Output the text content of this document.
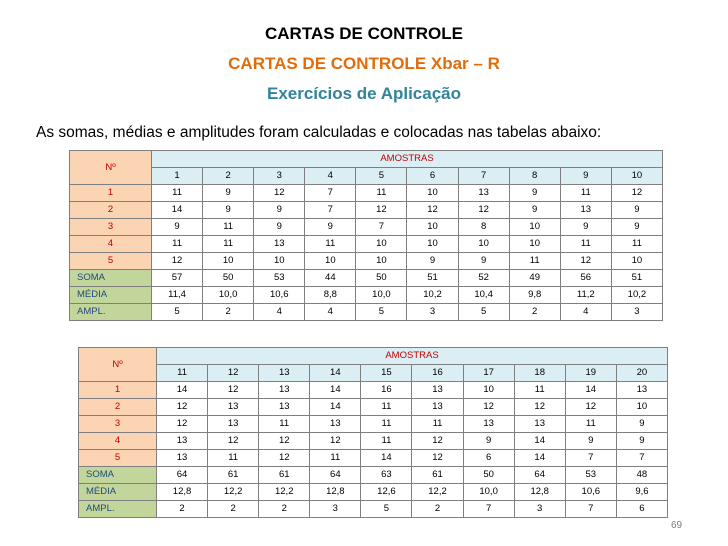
CARTAS DE CONTROLE
CARTAS DE CONTROLE Xbar – R
Exercícios de Aplicação
As somas, médias e amplitudes foram calculadas e colocadas nas tabelas abaixo:
Nº	AMOSTRAS									
	1	2	3	4	5	6	7	8	9	10
1	11	9	12	7	11	10	13	9	11	12
2	14	9	9	7	12	12	12	9	13	9
3	9	11	9	9	7	10	8	10	9	9
4	11	11	13	11	10	10	10	10	11	11
5	12	10	10	10	10	9	9	11	12	10
SOMA	57	50	53	44	50	51	52	49	56	51
MÉDIA	11,4	10,0	10,6	8,8	10,0	10,2	10,4	9,8	11,2	10,2
AMPL.	5	2	4	4	5	3	5	2	4	3
Nº	AMOSTRAS									
	11	12	13	14	15	16	17	18	19	20
1	14	12	13	14	16	13	10	11	14	13
2	12	13	13	14	11	13	12	12	12	10
3	12	13	11	13	11	11	13	13	11	9
4	13	12	12	12	11	12	9	14	9	9
5	13	11	12	11	14	12	6	14	7	7
SOMA	64	61	61	64	63	61	50	64	53	48
MÉDIA	12,8	12,2	12,2	12,8	12,6	12,2	10,0	12,8	10,6	9,6
AMPL.	2	2	2	3	5	2	7	3	7	6
69
